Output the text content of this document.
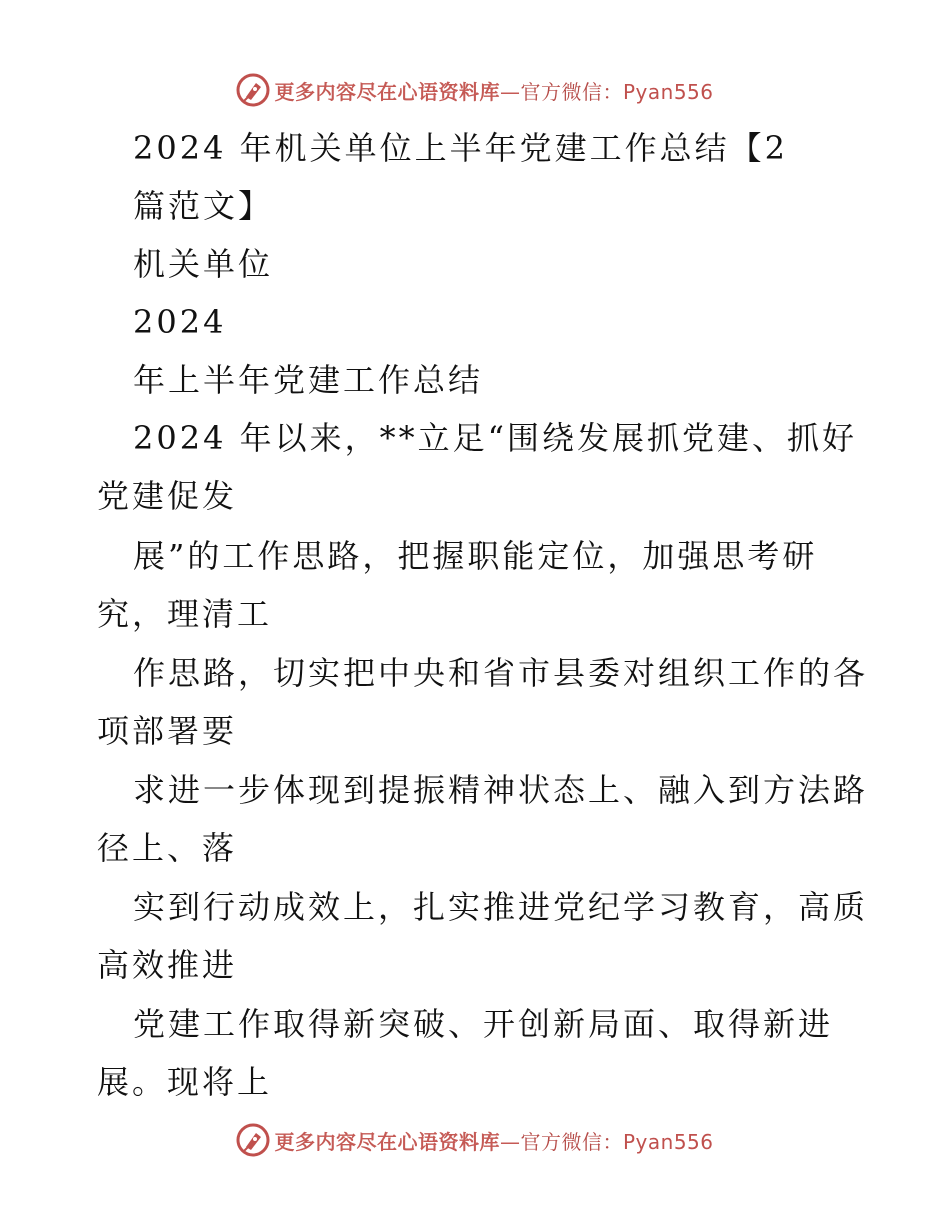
更多内容尽在心语资料库—官方微信：Pyan556
2024 年机关单位上半年党建工作总结【2
篇范文】
机关单位
2024
年上半年党建工作总结
2024 年以来，**立足“围绕发展抓党建、抓好
党建促发
展”的工作思路，把握职能定位，加强思考研
究，理清工
作思路，切实把中央和省市县委对组织工作的各
项部署要
求进一步体现到提振精神状态上、融入到方法路
径上、落
实到行动成效上，扎实推进党纪学习教育，高质
高效推进
党建工作取得新突破、开创新局面、取得新进
展。现将上
更多内容尽在心语资料库—官方微信：Pyan556
